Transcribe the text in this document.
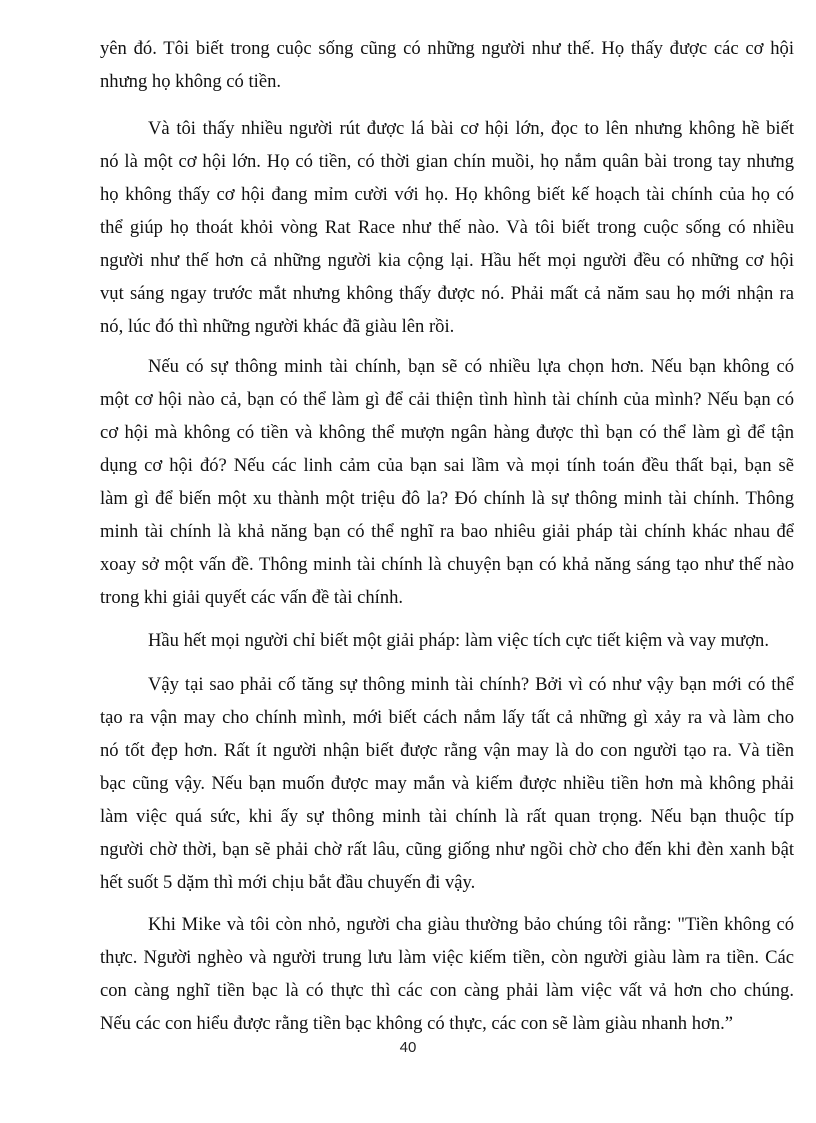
yên đó. Tôi biết trong cuộc sống cũng có những người như thế. Họ thấy được các cơ hội
nhưng họ không có tiền.
Và tôi thấy nhiều người rút được lá bài cơ hội lớn, đọc to lên nhưng không hề biết
nó là một cơ hội lớn. Họ có tiền, có thời gian chín muồi, họ nắm quân bài trong tay nhưng
họ không thấy cơ hội đang mỉm cười với họ. Họ không biết kế hoạch tài chính của họ có
thể giúp họ thoát khỏi vòng Rat Race như thế nào. Và tôi biết trong cuộc sống có nhiều
người như thế hơn cả những người kia cộng lại. Hầu hết mọi người đều có những cơ hội
vụt sáng ngay trước mắt nhưng không thấy được nó. Phải mất cả năm sau họ mới nhận ra
nó, lúc đó thì những người khác đã giàu lên rồi.
Nếu có sự thông minh tài chính, bạn sẽ có nhiều lựa chọn hơn. Nếu bạn không có
một cơ hội nào cả, bạn có thể làm gì để cải thiện tình hình tài chính của mình? Nếu bạn có
cơ hội mà không có tiền và không thể mượn ngân hàng được thì bạn có thể làm gì để tận
dụng cơ hội đó? Nếu các linh cảm của bạn sai lầm và mọi tính toán đều thất bại, bạn sẽ
làm gì để biến một xu thành một triệu đô la? Đó chính là sự thông minh tài chính. Thông
minh tài chính là khả năng bạn có thể nghĩ ra bao nhiêu giải pháp tài chính khác nhau để
xoay sở một vấn đề. Thông minh tài chính là chuyện bạn có khả năng sáng tạo như thế nào
trong khi giải quyết các vấn đề tài chính.
Hầu hết mọi người chỉ biết một giải pháp: làm việc tích cực tiết kiệm và vay mượn.
Vậy tại sao phải cố tăng sự thông minh tài chính? Bởi vì có như vậy bạn mới có thể
tạo ra vận may cho chính mình, mới biết cách nắm lấy tất cả những gì xảy ra và làm cho
nó tốt đẹp hơn. Rất ít người nhận biết được rằng vận may là do con người tạo ra. Và tiền
bạc cũng vậy. Nếu bạn muốn được may mắn và kiếm được nhiều tiền hơn mà không phải
làm việc quá sức, khi ấy sự thông minh tài chính là rất quan trọng. Nếu bạn thuộc típ
người chờ thời, bạn sẽ phải chờ rất lâu, cũng giống như ngồi chờ cho đến khi đèn xanh bật
hết suốt 5 dặm thì mới chịu bắt đầu chuyến đi vậy.
Khi Mike và tôi còn nhỏ, người cha giàu thường bảo chúng tôi rằng: "Tiền không có
thực. Người nghèo và người trung lưu làm việc kiếm tiền, còn người giàu làm ra tiền. Các
con càng nghĩ tiền bạc là có thực thì các con càng phải làm việc vất vả hơn cho chúng.
Nếu các con hiểu được rằng tiền bạc không có thực, các con sẽ làm giàu nhanh hơn.”
40
